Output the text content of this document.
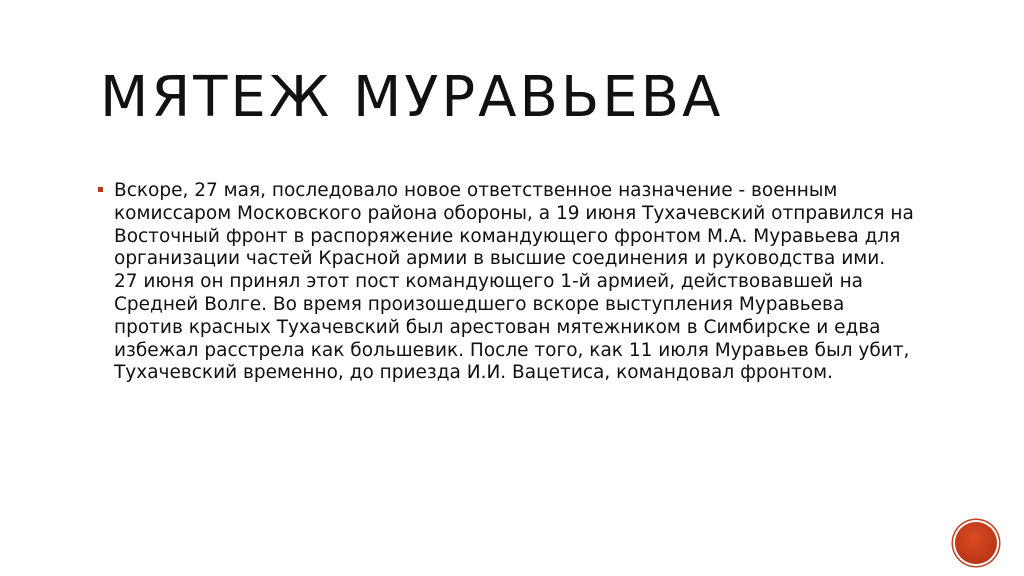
МЯТЕЖ МУРАВЬЕВА
Вскоре, 27 мая, последовало новое ответственное назначение - военным комиссаром Московского района обороны, а 19 июня Тухачевский отправился на Восточный фронт в распоряжение командующего фронтом М.А. Муравьева для организации частей Красной армии в высшие соединения и руководства ими. 27 июня он принял этот пост командующего 1-й армией, действовавшей на Средней Волге. Во время произошедшего вскоре выступления Муравьева против красных Тухачевский был арестован мятежником в Симбирске и едва избежал расстрела как большевик. После того, как 11 июля Муравьев был убит, Тухачевский временно, до приезда И.И. Вацетиса, командовал фронтом.
